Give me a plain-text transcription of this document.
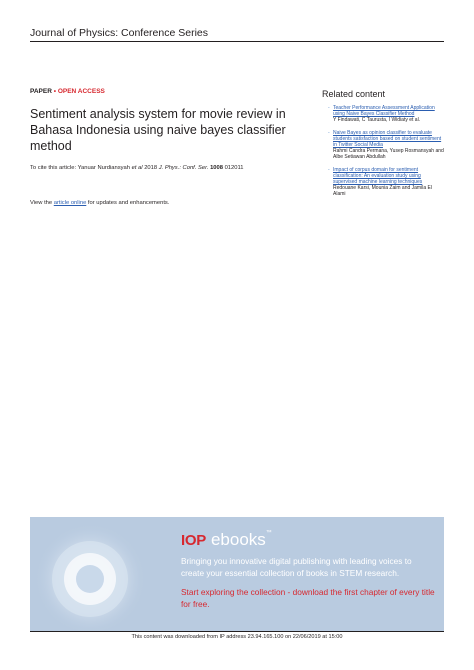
Journal of Physics: Conference Series
PAPER • OPEN ACCESS
Sentiment analysis system for movie review in Bahasa Indonesia using naive bayes classifier method
To cite this article: Yanuar Nurdiansyah et al 2018 J. Phys.: Conf. Ser. 1008 012011
View the article online for updates and enhancements.
Related content
- Teacher Performance Assessment Application using Naive Bayes Classifier Method
Y Findawati, C Taurusta, I Widiaty et al.
- Naive Bayes as opinion classifier to evaluate students satisfaction based on student sentiment in Twitter Social Media
Rahmi Candra Permana, Yusep Rosmansyah and Albe Setiawan Abdullah
- Impact of corpus domain for sentiment classification: An evaluation study using supervised machine learning techniques
Redouane Karsi, Mounia Zaim and Jamila El Alami
IOP ebooks™
Bringing you innovative digital publishing with leading voices to create your essential collection of books in STEM research.
Start exploring the collection - download the first chapter of every title for free.
This content was downloaded from IP address 23.94.165.100 on 22/06/2019 at 15:00
